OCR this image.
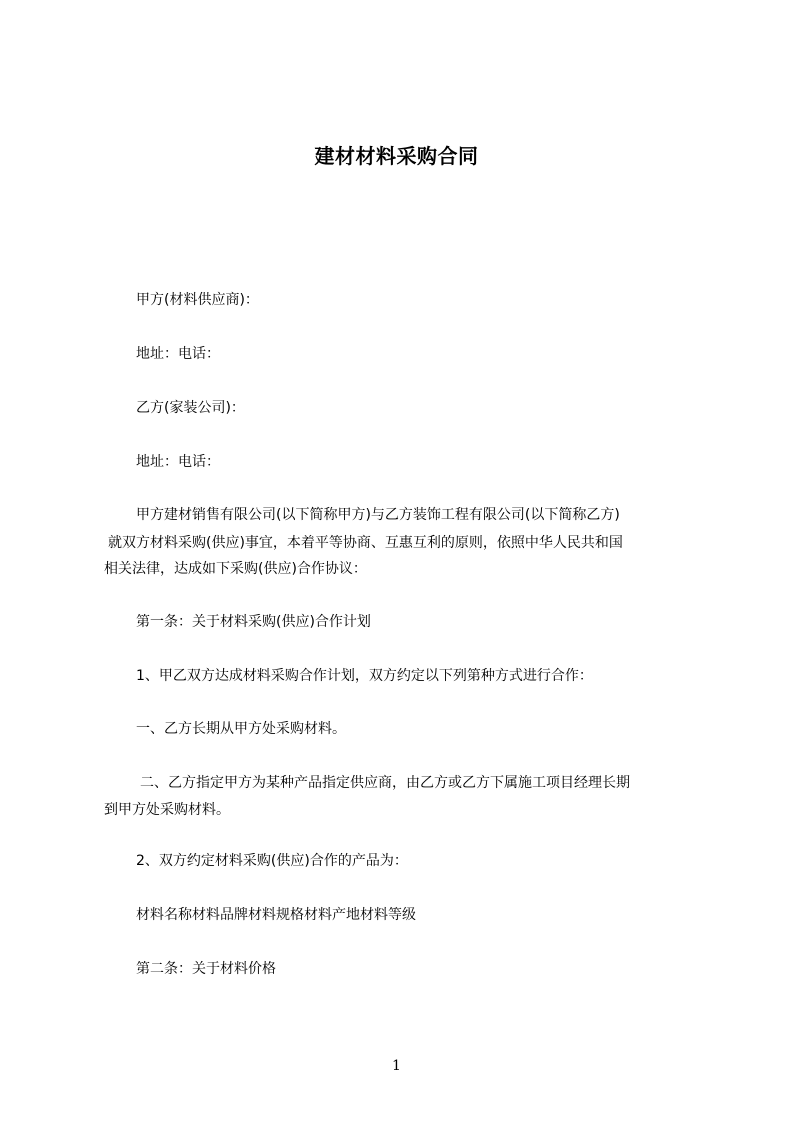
建材材料采购合同
甲方(材料供应商)：
地址：电话：
乙方(家装公司)：
地址：电话：
甲方建材销售有限公司(以下简称甲方)与乙方装饰工程有限公司(以下简称乙方)
就双方材料采购(供应)事宜，本着平等协商、互惠互利的原则，依照中华人民共和国
相关法律，达成如下采购(供应)合作协议：
第一条：关于材料采购(供应)合作计划
1、甲乙双方达成材料采购合作计划，双方约定以下列第种方式进行合作：
一、乙方长期从甲方处采购材料。
二、乙方指定甲方为某种产品指定供应商，由乙方或乙方下属施工项目经理长期
到甲方处采购材料。
2、双方约定材料采购(供应)合作的产品为：
材料名称材料品牌材料规格材料产地材料等级
第二条：关于材料价格
1
